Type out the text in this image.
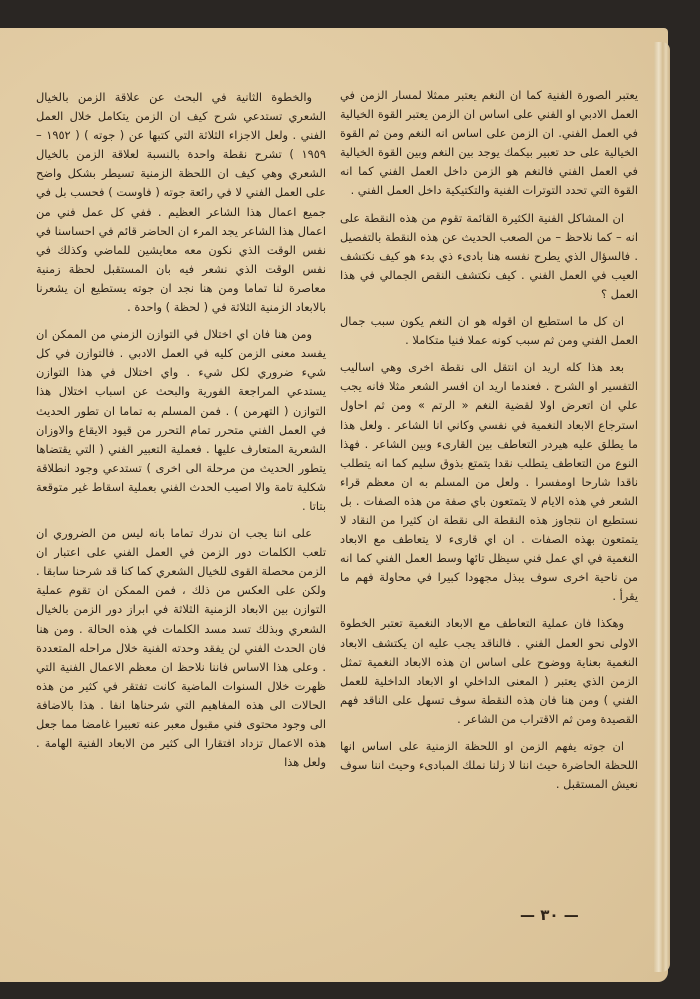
يعتبر الصورة الفنية كما ان النغم يعتبر ممثلا لمسار الزمن في العمل الادبي او الفني على اساس ان الزمن يعتبر القوة الخيالية في العمل الفني. ان الزمن على اساس انه النغم ومن ثم القوة الخيالية على حد تعبير بيكمك يوجد بين النغم وبين القوة الخيالية في العمل الفني فالنغم هو الزمن داخل العمل الفني كما انه القوة التي تحدد التوترات الفنية والتكتيكية داخل العمل الفني .

ان المشاكل الفنية الكثيرة القائمة تقوم من هذه النقطة على انه – كما نلاحظ – من الصعب الحديث عن هذه النقطة بالتفصيل . فالسؤال الذي يطرح نفسه هنا بادىء ذي بدء هو كيف نكتشف العيب في العمل الفني . كيف نكتشف النقص الجمالي في هذا العمل ؟

ان كل ما استطيع ان اقوله هو ان النغم يكون سبب جمال العمل الفني ومن ثم سبب كونه عملا فنيا متكاملا .

بعد هذا كله اريد ان انتقل الى نقطة اخرى وهي اساليب التفسير او الشرح . فعندما اريد ان افسر الشعر مثلا فانه يجب علي ان اتعرض اولا لقضية النغم « الرتم » ومن ثم احاول استرجاع الابعاد النغمية في نفسي وكاني انا الشاعر . ولعل هذا ما يطلق عليه هيردر التعاطف بين القارىء وبين الشاعر . فهذا النوع من التعاطف يتطلب نقدا يتمتع بذوق سليم كما انه يتطلب ناقدا شارحا اومفسرا . ولعل من المسلم به ان معظم قراء الشعر في هذه الايام لا يتمتعون باي صفة من هذه الصفات . بل نستطيع ان نتجاوز هذه النقطة الى نقطة ان كثيرا من النقاد لا يتمتعون بهذه الصفات . ان اي قارىء لا يتعاطف مع الابعاد النغمية في اي عمل فني سيظل تائها وسط العمل الفني كما انه من ناحية اخرى سوف يبذل مجهودا كبيرا في محاولة فهم ما يقرأ .

وهكذا فان عملية التعاطف مع الابعاد النغمية تعتبر الخطوة الاولى نحو العمل الفني . فالناقد يجب عليه ان يكتشف الابعاد النغمية بعناية ووضوح على اساس ان هذه الابعاد النغمية تمثل الزمن الذي يعتبر ( المعنى الداخلي او الابعاد الداخلية للعمل الفني ) ومن هنا فان هذه النقطة سوف تسهل على الناقد فهم القصيدة ومن ثم الاقتراب من الشاعر .

ان جوته يفهم الزمن او اللحظة الزمنية على اساس انها اللحظة الحاضرة حيث اننا لا زلنا نملك المبادىء وحيث اننا سوف نعيش المستقبل .

والخطوة الثانية في البحث عن علاقة الزمن بالخيال الشعري تستدعي شرح كيف ان الزمن يتكامل خلال العمل الفني . ولعل الاجزاء الثلاثة التي كتبها عن ( جوته ) ( ١٩٥٢ – ١٩٥٩ ) تشرح نقطة واحدة بالنسبة لعلاقة الزمن بالخيال الشعري وهي كيف ان اللحظة الزمنية تسيطر بشكل واضح على العمل الفني لا في رائعة جوته ( فاوست ) فحسب بل في جميع اعمال هذا الشاعر العظيم . ففي كل عمل فني من اعمال هذا الشاعر يجد المرء ان الحاضر قائم في احساسنا في نفس الوقت الذي نكون معه معايشين للماضي وكذلك في نفس الوقت الذي نشعر فيه بان المستقبل لحظة زمنية معاصرة لنا تماما ومن هنا نجد ان جوته يستطيع ان يشعرنا بالابعاد الزمنية الثلاثة في ( لحظة ) واحدة .

ومن هنا فان اي اختلال في التوازن الزمني من الممكن ان يفسد معنى الزمن كليه في العمل الادبي . فالتوازن في كل شيء ضروري لكل شيء . واي اختلال في هذا التوازن يستدعي المراجعة الفورية والبحث عن اسباب اختلال هذا التوازن ( التهرمن ) . فمن المسلم به تماما ان تطور الحديث في العمل الفني متحرر تمام التحرر من قيود الايقاع والاوزان الشعرية المتعارف عليها . فعملية التعبير الفني ( التي يقتضاها يتطور الحديث من مرحلة الى اخرى ) تستدعي وجود انطلاقة شكلية تامة والا اصيب الحدث الفني بعملية اسقاط غير متوقعة بتاتا .

على اننا يجب ان ندرك تماما بانه ليس من الضروري ان تلعب الكلمات دور الزمن في العمل الفني على اعتبار ان الزمن محصلة القوى للخيال الشعري كما كنا قد شرحنا سابقا . ولكن على العكس من ذلك ، فمن الممكن ان تقوم عملية التوازن بين الابعاد الزمنية الثلاثة في ابراز دور الزمن بالخيال الشعري وبذلك تسد مسد الكلمات في هذه الحالة . ومن هنا فان الحدث الفني لن يفقد وحدته الفنية خلال مراحله المتعددة . وعلى هذا الاساس فاننا نلاحظ ان معظم الاعمال الفنية التي ظهرت خلال السنوات الماضية كانت تفتقر في كثير من هذه الحالات الى هذه المفاهيم التي شرحناها انفا . هذا بالاضافة الى وجود محتوى فني مقبول معبر عنه تعبيرا غامضا مما جعل هذه الاعمال تزداد افتقارا الى كثير من الابعاد الفنية الهامة . ولعل هذا

— ٣٠ —
